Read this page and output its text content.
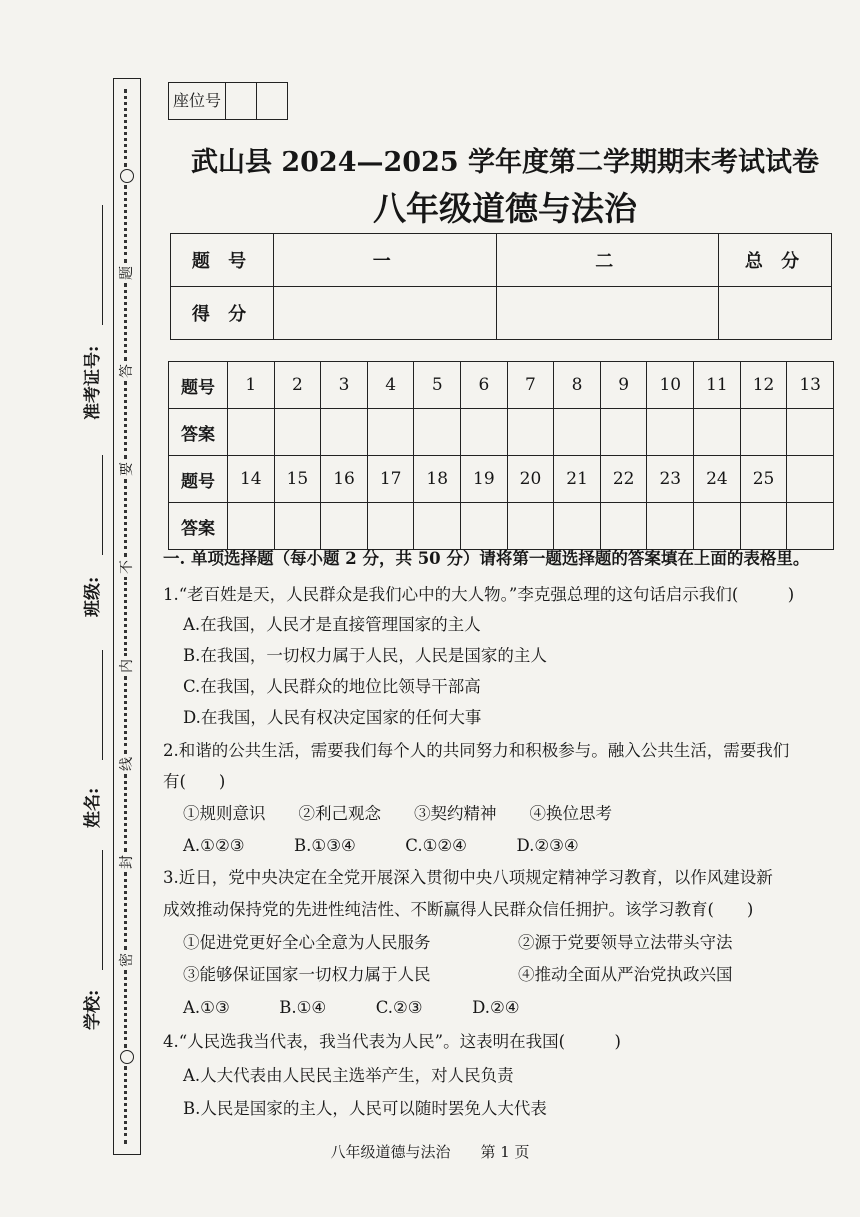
座位号
题
答
要
不
内
线
封
密
准考证号:
班级:
姓名:
学校:
武山县 2024—2025 学年度第二学期期末考试试卷
八年级道德与法治
题 号	一	二	总 分
得 分			
题号	1	2	3	4	5	6	7	8	9	10	11	12	13
答案													
题号	14	15	16	17	18	19	20	21	22	23	24	25	
答案													
一. 单项选择题（每小题 2 分，共 50 分）请将第一题选择题的答案填在上面的表格里。
1.“老百姓是天，人民群众是我们心中的大人物。”李克强总理的这句话启示我们(　　　)
A.在我国，人民才是直接管理国家的主人
B.在我国，一切权力属于人民，人民是国家的主人
C.在我国，人民群众的地位比领导干部高
D.在我国，人民有权决定国家的任何大事
2.和谐的公共生活，需要我们每个人的共同努力和积极参与。融入公共生活，需要我们
有(　　)
①规则意识　　②利己观念　　③契约精神　　④换位思考
A.①②③　　　B.①③④　　　C.①②④　　　D.②③④
3.近日，党中央决定在全党开展深入贯彻中央八项规定精神学习教育，以作风建设新
成效推动保持党的先进性纯洁性、不断赢得人民群众信任拥护。该学习教育(　　)
①促进党更好全心全意为人民服务	②源于党要领导立法带头守法
③能够保证国家一切权力属于人民	④推动全面从严治党执政兴国
A.①③　　　B.①④　　　C.②③　　　D.②④
4.“人民选我当代表，我当代表为人民”。这表明在我国(　　　)
A.人大代表由人民民主选举产生，对人民负责
B.人民是国家的主人，人民可以随时罢免人大代表
八年级道德与法治　　第 1 页
